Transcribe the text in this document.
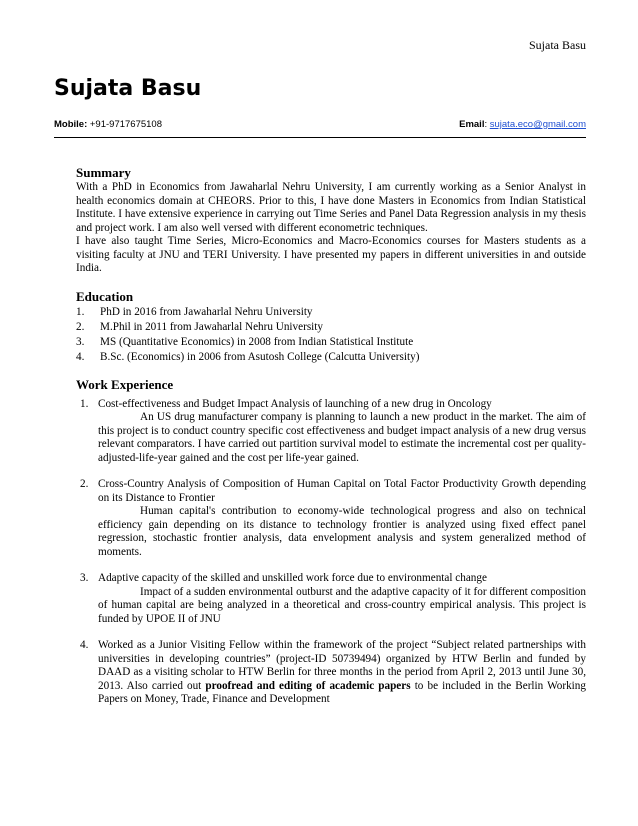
Sujata Basu
Sujata Basu
Mobile: +91-9717675108	Email: sujata.eco@gmail.com
Summary

With a PhD in Economics from Jawaharlal Nehru University, I am currently working as a Senior Analyst in health economics domain at CHEORS. Prior to this, I have done Masters in Economics from Indian Statistical Institute. I have extensive experience in carrying out Time Series and Panel Data Regression analysis in my thesis and project work. I am also well versed with different econometric techniques.

I have also taught Time Series, Micro-Economics and Macro-Economics courses for Masters students as a visiting faculty at JNU and TERI University. I have presented my papers in different universities in and outside India.

Education
1. PhD in 2016 from Jawaharlal Nehru University
2. M.Phil in 2011 from Jawaharlal Nehru University
3. MS (Quantitative Economics) in 2008 from Indian Statistical Institute
4. B.Sc. (Economics) in 2006 from Asutosh College (Calcutta University)
Work Experience
1. Cost-effectiveness and Budget Impact Analysis of launching of a new drug in Oncology

An US drug manufacturer company is planning to launch a new product in the market. The aim of this project is to conduct country specific cost effectiveness and budget impact analysis of a new drug versus relevant comparators. I have carried out partition survival model to estimate the incremental cost per quality-adjusted-life-year gained and the cost per life-year gained.

2. Cross-Country Analysis of Composition of Human Capital on Total Factor Productivity Growth depending on its Distance to Frontier

Human capital's contribution to economy-wide technological progress and also on technical efficiency gain depending on its distance to technology frontier is analyzed using fixed effect panel regression, stochastic frontier analysis, data envelopment analysis and system generalized method of moments.

3. Adaptive capacity of the skilled and unskilled work force due to environmental change

Impact of a sudden environmental outburst and the adaptive capacity of it for different composition of human capital are being analyzed in a theoretical and cross-country empirical analysis. This project is funded by UPOE II of JNU

4. Worked as a Junior Visiting Fellow within the framework of the project “Subject related partnerships with universities in developing countries” (project-ID 50739494) organized by HTW Berlin and funded by DAAD as a visiting scholar to HTW Berlin for three months in the period from April 2, 2013 until June 30, 2013. Also carried out proofread and editing of academic papers to be included in the Berlin Working Papers on Money, Trade, Finance and Development
